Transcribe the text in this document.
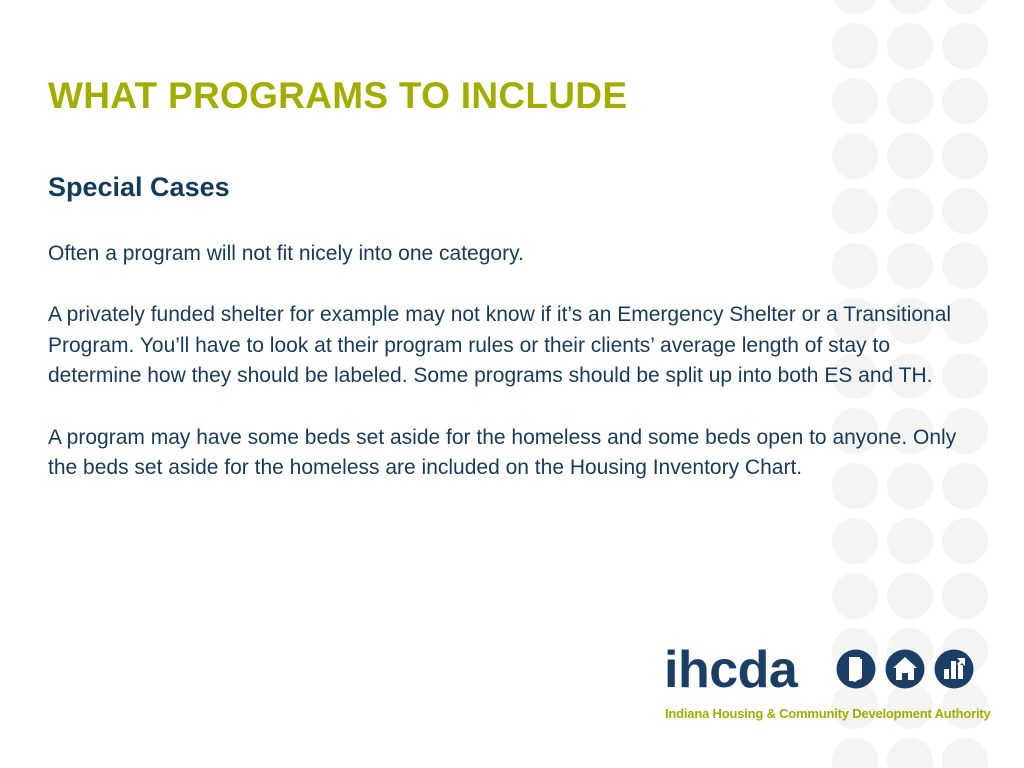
WHAT PROGRAMS TO INCLUDE
Special Cases

Often a program will not fit nicely into one category.

A privately funded shelter for example may not know if it’s an Emergency Shelter or a Transitional Program. You’ll have to look at their program rules or their clients’ average length of stay to determine how they should be labeled. Some programs should be split up into both ES and TH.

A program may have some beds set aside for the homeless and some beds open to anyone. Only the beds set aside for the homeless are included on the Housing Inventory Chart.

ihcda
Indiana Housing & Community Development Authority
